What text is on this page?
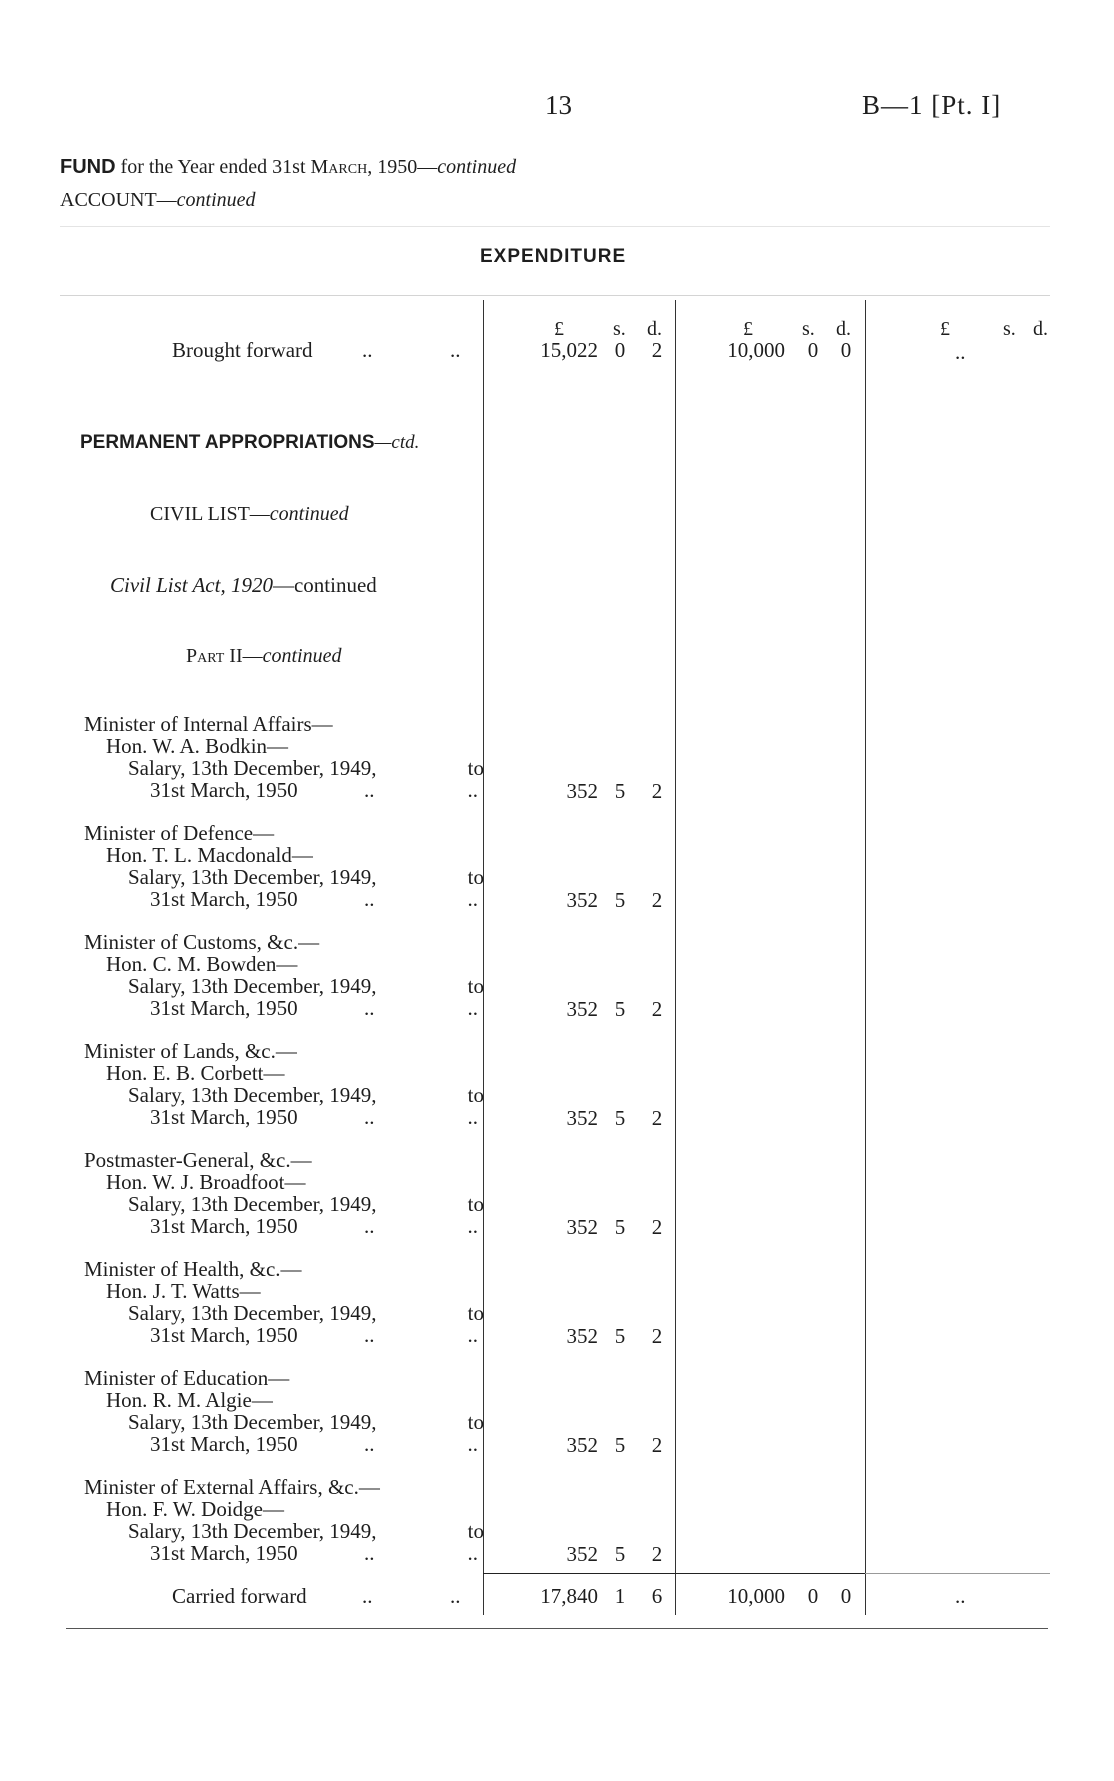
13	B—1 [Pt. I]
FUND for the Year ended 31st March, 1950—continued
ACCOUNT—continued
EXPENDITURE
£ s. d.	£ s. d.	£	s. d.
Brought forward ..	..	15,022 0 2	10,000 0 0	..
PERMANENT APPROPRIATIONS—ctd.
CIVIL LIST—continued
Civil List Act, 1920—continued
Part II—continued
Minister of Internal Affairs—
Hon. W. A. Bodkin—
Salary, 13th December, 1949,	to
31st March, 1950	..	..	352 5 2
Minister of Defence—
Hon. T. L. Macdonald—
Salary, 13th December, 1949,	to
31st March, 1950	..	..	352 5 2
Minister of Customs, &c.—
Hon. C. M. Bowden—
Salary, 13th December, 1949,	to
31st March, 1950	..	..	352 5 2
Minister of Lands, &c.—
Hon. E. B. Corbett—
Salary, 13th December, 1949,	to
31st March, 1950	..	..	352 5 2
Postmaster-General, &c.—
Hon. W. J. Broadfoot—
Salary, 13th December, 1949,	to
31st March, 1950	..	..	352 5 2
Minister of Health, &c.—
Hon. J. T. Watts—
Salary, 13th December, 1949,	to
31st March, 1950	..	..	352 5 2
Minister of Education—
Hon. R. M. Algie—
Salary, 13th December, 1949,	to
31st March, 1950	..	..	352 5 2
Minister of External Affairs, &c.—
Hon. F. W. Doidge—
Salary, 13th December, 1949,	to
31st March, 1950	..	..	352 5 2
Carried forward	..	..	17,840 1 6	10,000 0 0	..
